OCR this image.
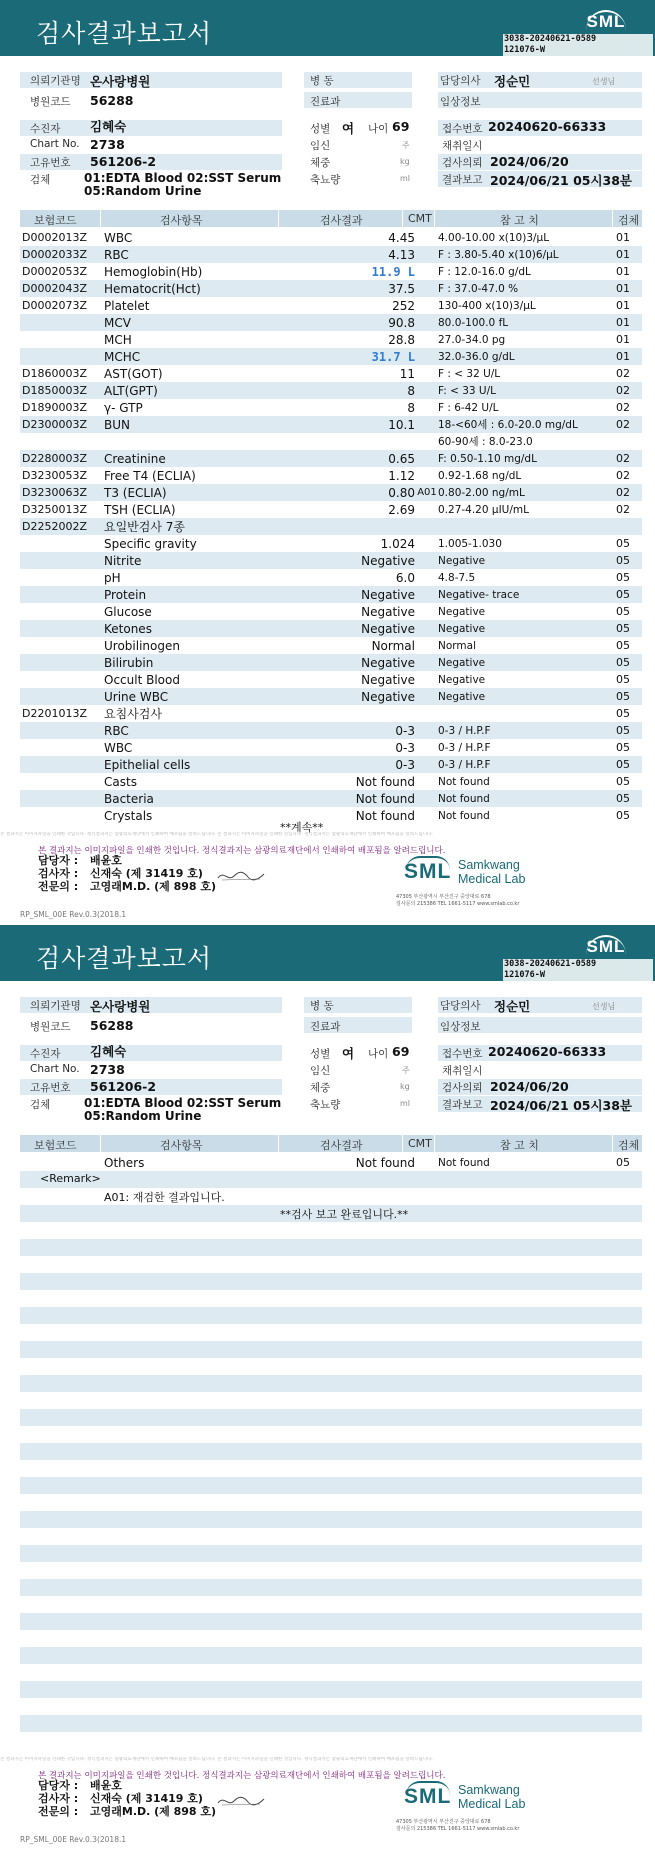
검사결과보고서	SML
3038-20240621-0589
121076-W
의뢰기관명 온사랑병원	병 동	담당의사 정순민	선생님
병원코드 56288	진료과	임상정보
수진자 김혜숙	성별 여 나이 69	접수번호 20240620-66333
Chart No. 2738	임신	주	채취일시
고유번호 561206-2	체중	kg	검사의뢰 2024/06/20
검체	01:EDTA Blood 02:SST Serum
05:Random Urine
축뇨량	ml	결과보고 2024/06/21 05시38분
보험코드	검사항목	검사결과	CMT	참 고 치	검체
D0002013Z WBC	4.45 4.00-10.00 x(10)3/μL	01
D0002033Z RBC	4.13 F : 3.80-5.40 x(10)6/μL	01
D0002053Z Hemoglobin(Hb)	11.9 L F : 12.0-16.0 g/dL	01
D0002043Z Hematocrit(Hct)	37.5 F : 37.0-47.0 %	01
D0002073Z Platelet	252 130-400 x(10)3/μL	01
MCV	90.8 80.0-100.0 fL	01
MCH	28.8 27.0-34.0 pg	01
MCHC	31.7 L 32.0-36.0 g/dL	01
D1860003Z AST(GOT)	11 F : < 32 U/L	02
D1850003Z ALT(GPT)	8 F: < 33 U/L	02
D1890003Z γ- GTP	8 F : 6-42 U/L	02
D2300003Z BUN	10.1 18-<60세 : 6.0-20.0 mg/dL	02
60-90세 : 8.0-23.0
D2280003Z Creatinine	0.65 F: 0.50-1.10 mg/dL	02
D3230053Z Free T4 (ECLIA)	1.12 0.92-1.68 ng/dL	02
D3230063Z T3 (ECLIA)	0.80 A01 0.80-2.00 ng/mL	02
D3250013Z TSH (ECLIA)	2.69 0.27-4.20 μIU/mL	02
D2252002Z 요일반검사 7종
Specific gravity	1.024 1.005-1.030	05
Nitrite	Negative Negative	05
pH	6.0 4.8-7.5	05
Protein	Negative Negative- trace	05
Glucose	Negative Negative	05
Ketones	Negative Negative	05
Urobilinogen	Normal Normal	05
Bilirubin	Negative Negative	05
Occult Blood	Negative Negative	05
Urine WBC	Negative Negative	05
D2201013Z 요침사검사	05
RBC	0-3 0-3 / H.P.F	05
WBC	0-3 0-3 / H.P.F	05
Epithelial cells	0-3 0-3 / H.P.F	05
Casts	Not found Not found	05
Bacteria	Not found Not found	05
Crystals	Not found Not found	05
**계속**
본 결과지는 이미지파일을 인쇄한 것입니다. 정식결과지는 삼광의료재단에서 인쇄하여 배포됨을 알려드립니다. 본 결과지는 이미지파일을 인쇄한 것입니다. 정식결과지는 삼광의료재단에서 인쇄하여 배포됨을 알려드립니다.
본 결과지는 이미지파일을 인쇄한 것입니다. 정식결과지는 삼광의료재단에서 인쇄하여 배포됨을 알려드립니다.
담당자 : 배윤호
검사자 : 신재숙 (제 31419 호)
전문의 : 고영래M.D. (제 898 호)
SML Samkwang
Medical Lab
47305 부산광역시 부산진구 중앙대로 678
검사문의 215386 TEL 1661-5117 www.smlab.co.kr
RP_SML_00E Rev.0.3(2018.1
검사결과보고서	SML
3038-20240621-0589
121076-W
의뢰기관명 온사랑병원	병 동	담당의사 정순민	선생님
병원코드 56288	진료과	임상정보
수진자 김혜숙	성별 여 나이 69	접수번호 20240620-66333
Chart No. 2738	임신	주	채취일시
고유번호 561206-2	체중	kg	검사의뢰 2024/06/20
검체	01:EDTA Blood 02:SST Serum
05:Random Urine
축뇨량	ml	결과보고 2024/06/21 05시38분
보험코드	검사항목	검사결과	CMT	참 고 치	검체
Others	Not found Not found	05
<Remark>
A01: 재검한 결과입니다.
**검사 보고 완료입니다.**
본 결과지는 이미지파일을 인쇄한 것입니다. 정식결과지는 삼광의료재단에서 인쇄하여 배포됨을 알려드립니다. 본 결과지는 이미지파일을 인쇄한 것입니다. 정식결과지는 삼광의료재단에서 인쇄하여 배포됨을 알려드립니다.
본 결과지는 이미지파일을 인쇄한 것입니다. 정식결과지는 삼광의료재단에서 인쇄하여 배포됨을 알려드립니다.
담당자 : 배윤호
검사자 : 신재숙 (제 31419 호)
전문의 : 고영래M.D. (제 898 호)
SML Samkwang
Medical Lab
47305 부산광역시 부산진구 중앙대로 678
검사문의 215386 TEL 1661-5117 www.smlab.co.kr
RP_SML_00E Rev.0.3(2018.1
